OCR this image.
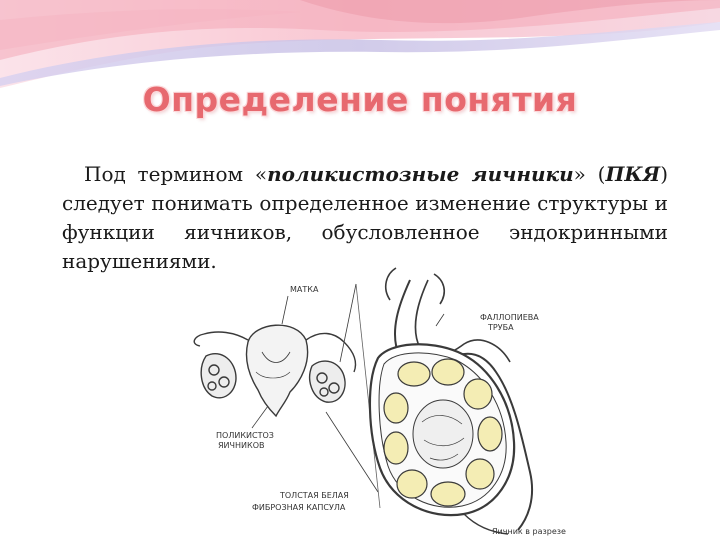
Определение понятия
Под термином «поликистозные яичники» (ПКЯ) следует понимать определенное изменение структуры и функции яичников, обусловленное эндокринными нарушениями.
МАТКА
ФАЛЛОПИЕВА
ТРУБА
ПОЛИКИСТОЗ
ЯИЧНИКОВ
ТОЛСТАЯ БЕЛАЯ
ФИБРОЗНАЯ КАПСУЛА
Яичник в разрезе
